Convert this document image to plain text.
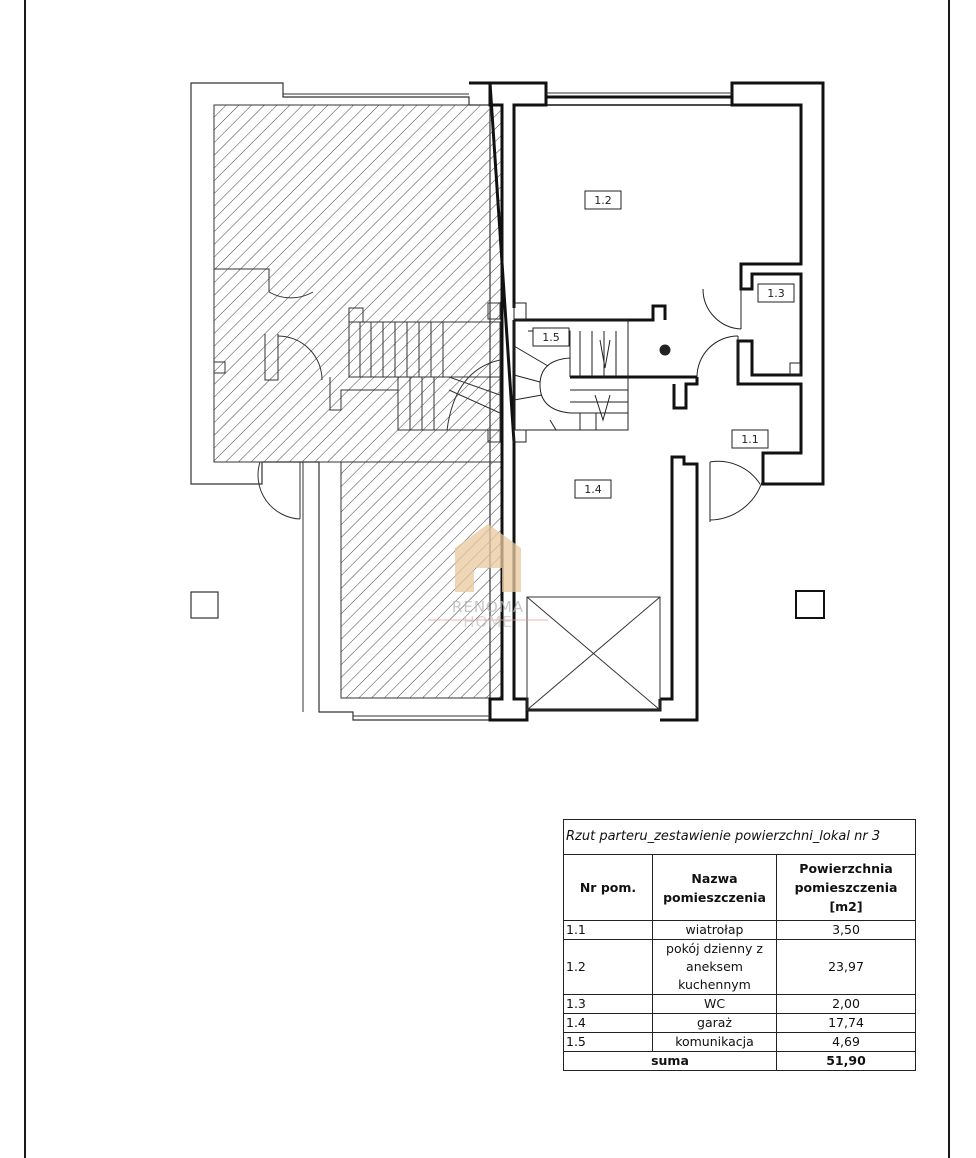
1.2
1.3
1.5
1.1
1.4
RENOMA
HOME
Rzut parteru_zestawienie powierzchni_lokal nr 3		
Nr pom.	Nazwa pomieszczenia	Powierzchnia pomieszczenia [m2]
1.1	wiatrołap	3,50
1.2	pokój dzienny z aneksem kuchennym	23,97
1.3	WC	2,00
1.4	garaż	17,74
1.5	komunikacja	4,69
suma		51,90
